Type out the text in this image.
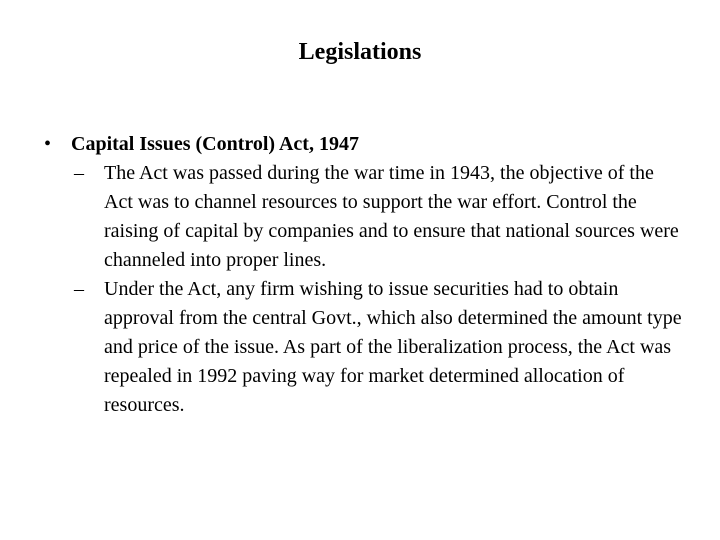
Legislations
• Capital Issues (Control) Act, 1947
– The Act was passed during the war time in 1943, the objective of the Act was to channel resources to support the war effort. Control the raising of capital by companies and to ensure that national sources were channeled into proper lines.
– Under the Act, any firm wishing to issue securities had to obtain approval from the central Govt., which also determined the amount type and price of the issue. As part of the liberalization process, the Act was repealed in 1992 paving way for market determined allocation of resources.
